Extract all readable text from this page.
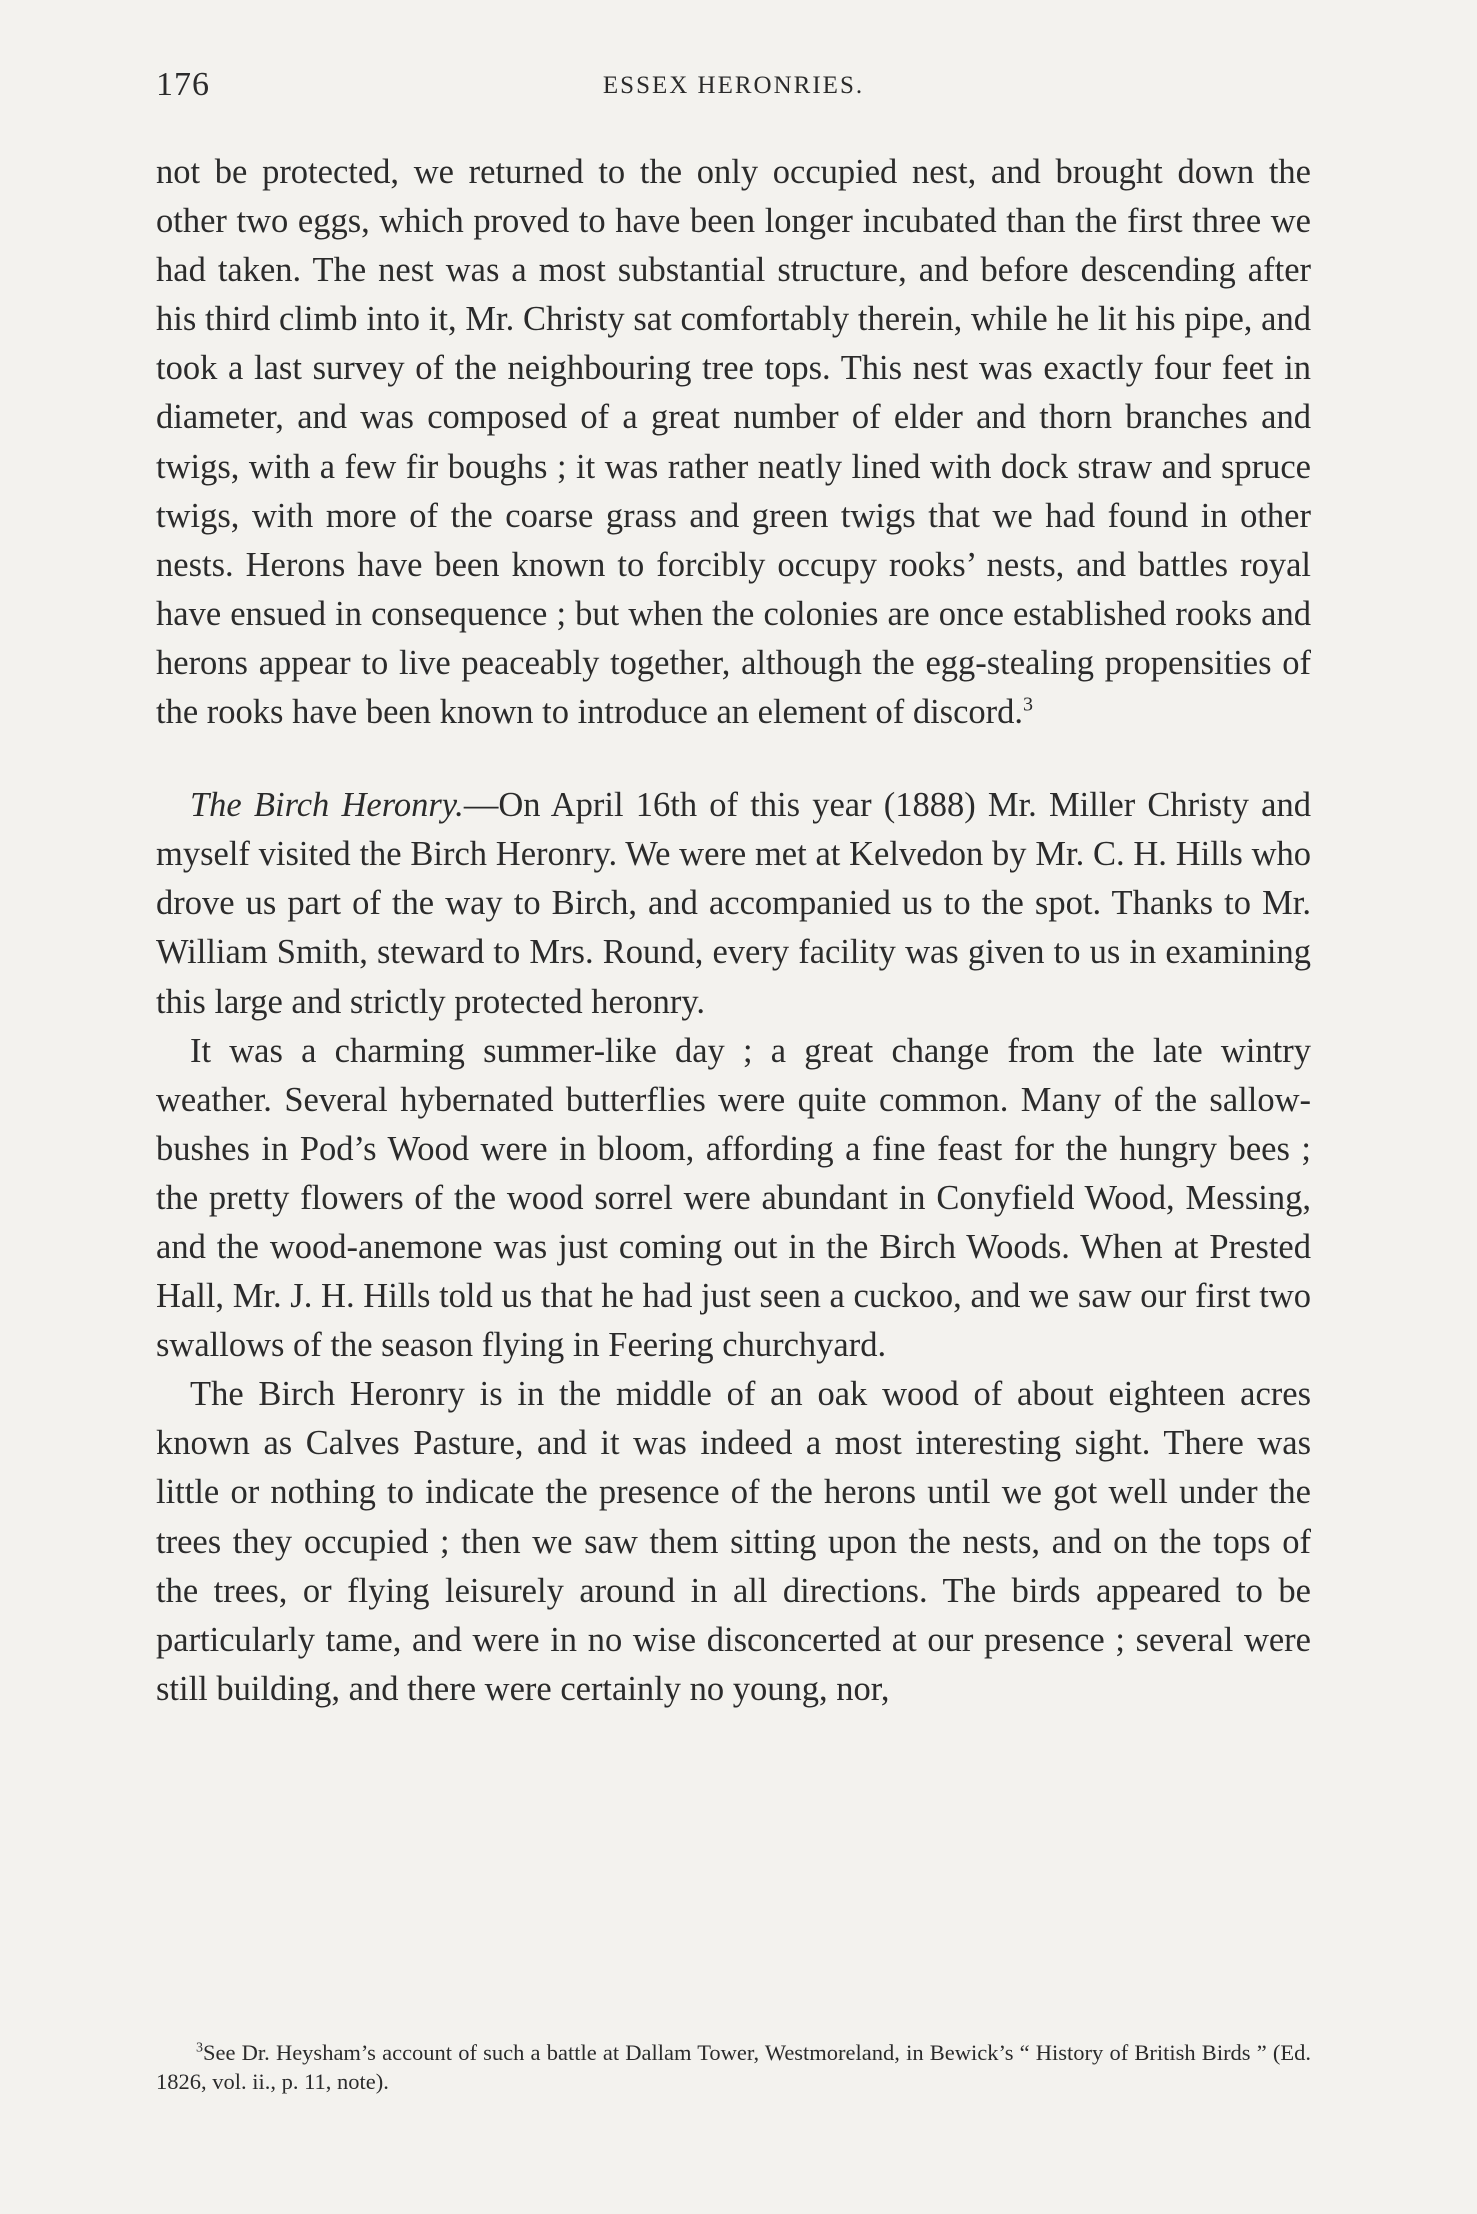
176	ESSEX HERONRIES.

not be protected, we returned to the only occupied nest, and brought down the other two eggs, which proved to have been longer incubated than the first three we had taken. The nest was a most substantial structure, and before descending after his third climb into it, Mr. Christy sat comfortably therein, while he lit his pipe, and took a last survey of the neighbouring tree tops. This nest was exactly four feet in diameter, and was composed of a great number of elder and thorn branches and twigs, with a few fir boughs ; it was rather neatly lined with dock straw and spruce twigs, with more of the coarse grass and green twigs that we had found in other nests. Herons have been known to forcibly occupy rooks’ nests, and battles royal have ensued in consequence ; but when the colonies are once established rooks and herons appear to live peaceably together, although the egg-stealing propensities of the rooks have been known to introduce an element of discord.$^3$

The Birch Heronry.—On April 16th of this year (1888) Mr. Miller Christy and myself visited the Birch Heronry. We were met at Kelvedon by Mr. C. H. Hills who drove us part of the way to Birch, and accompanied us to the spot. Thanks to Mr. William Smith, steward to Mrs. Round, every facility was given to us in examining this large and strictly protected heronry.

It was a charming summer-like day ; a great change from the late wintry weather. Several hybernated butterflies were quite common. Many of the sallow-bushes in Pod’s Wood were in bloom, affording a fine feast for the hungry bees ; the pretty flowers of the wood sorrel were abundant in Conyfield Wood, Messing, and the wood-anemone was just coming out in the Birch Woods. When at Prested Hall, Mr. J. H. Hills told us that he had just seen a cuckoo, and we saw our first two swallows of the season flying in Feering churchyard.

The Birch Heronry is in the middle of an oak wood of about eighteen acres known as Calves Pasture, and it was indeed a most interesting sight. There was little or nothing to indicate the presence of the herons until we got well under the trees they occupied ; then we saw them sitting upon the nests, and on the tops of the trees, or flying leisurely around in all directions. The birds appeared to be particularly tame, and were in no wise disconcerted at our presence ; several were still building, and there were certainly no young, nor,

$^3$See Dr. Heysham’s account of such a battle at Dallam Tower, Westmoreland, in Bewick’s “ History of British Birds ” (Ed. 1826, vol. ii., p. 11, note).
